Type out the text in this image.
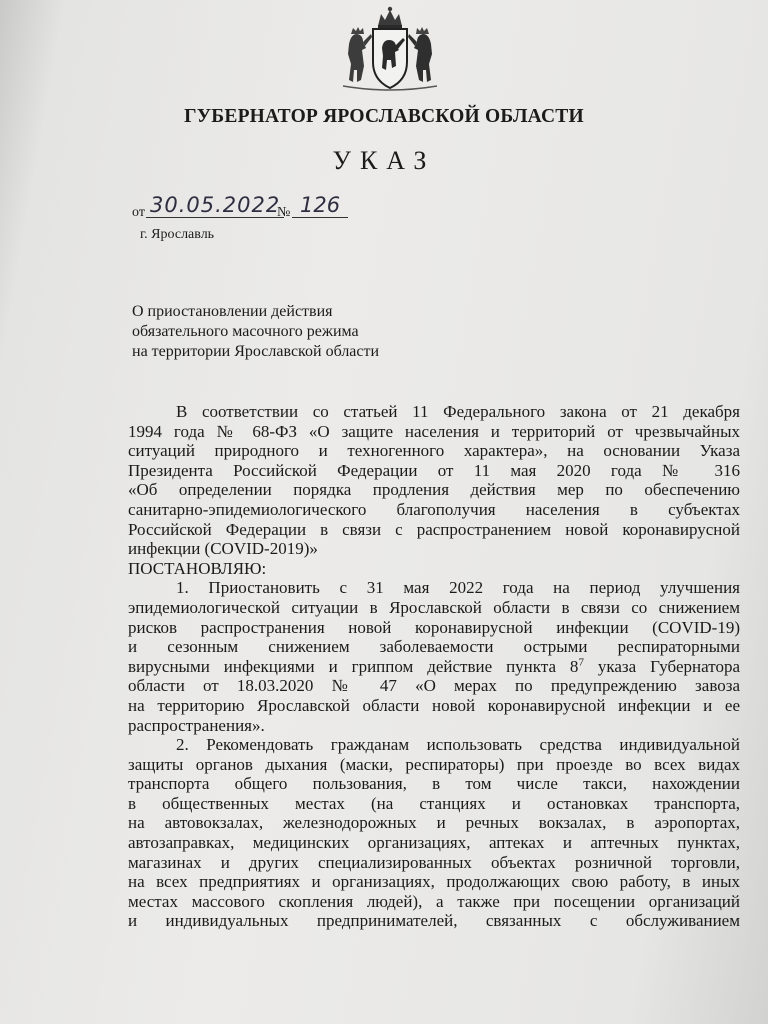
ГУБЕРНАТОР ЯРОСЛАВСКОЙ ОБЛАСТИ
УКАЗ
от 30.05.2022
№ 126
г. Ярославль
О приостановлении действия
обязательного масочного режима
на территории Ярославской области

В соответствии со статьей 11 Федерального закона от 21 декабря

1994 года № 68-ФЗ «О защите населения и территорий от чрезвычайных

ситуаций природного и техногенного характера», на основании Указа

Президента Российской Федерации от 11 мая 2020 года № 316

«Об определении порядка продления действия мер по обеспечению

санитарно-эпидемиологического благополучия населения в субъектах

Российской Федерации в связи с распространением новой коронавирусной

инфекции (COVID-2019)»

ПОСТАНОВЛЯЮ:

1. Приостановить с 31 мая 2022 года на период улучшения

эпидемиологической ситуации в Ярославской области в связи со снижением

рисков распространения новой коронавирусной инфекции (COVID-19)

и сезонным снижением заболеваемости острыми респираторными

вирусными инфекциями и гриппом действие пункта $8^7$ указа Губернатора

области от 18.03.2020 № 47 «О мерах по предупреждению завоза

на территорию Ярославской области новой коронавирусной инфекции и ее

распространения».

2. Рекомендовать гражданам использовать средства индивидуальной

защиты органов дыхания (маски, респираторы) при проезде во всех видах

транспорта общего пользования, в том числе такси, нахождении

в общественных местах (на станциях и остановках транспорта,

на автовокзалах, железнодорожных и речных вокзалах, в аэропортах,

автозаправках, медицинских организациях, аптеках и аптечных пунктах,

магазинах и других специализированных объектах розничной торговли,

на всех предприятиях и организациях, продолжающих свою работу, в иных

местах массового скопления людей), а также при посещении организаций

и индивидуальных предпринимателей, связанных с обслуживанием
